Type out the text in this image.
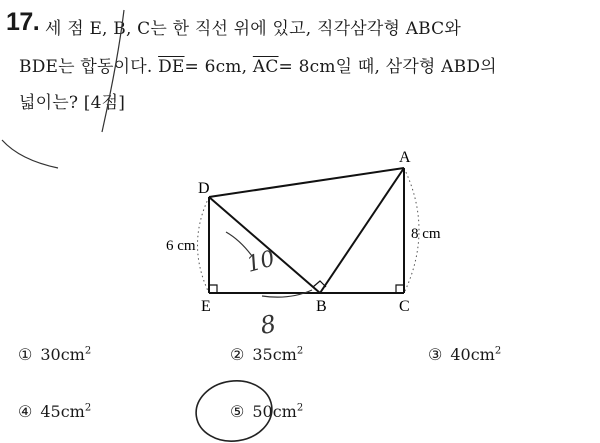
17. 세 점 E, B, C는 한 직선 위에 있고, 직각삼각형 ABC와
BDE는 합동이다. $\overline{DE}= 6cm$, $\overline{AC}= 8cm$일 때, 삼각형 ABD의
넓이는? [4점]
A
D
E	B	C
6 cm
8 cm
① $30cm^2$	② $35cm^2$	③ $40cm^2$
④ $45cm^2$	⑤ $50cm^2$
10
8
